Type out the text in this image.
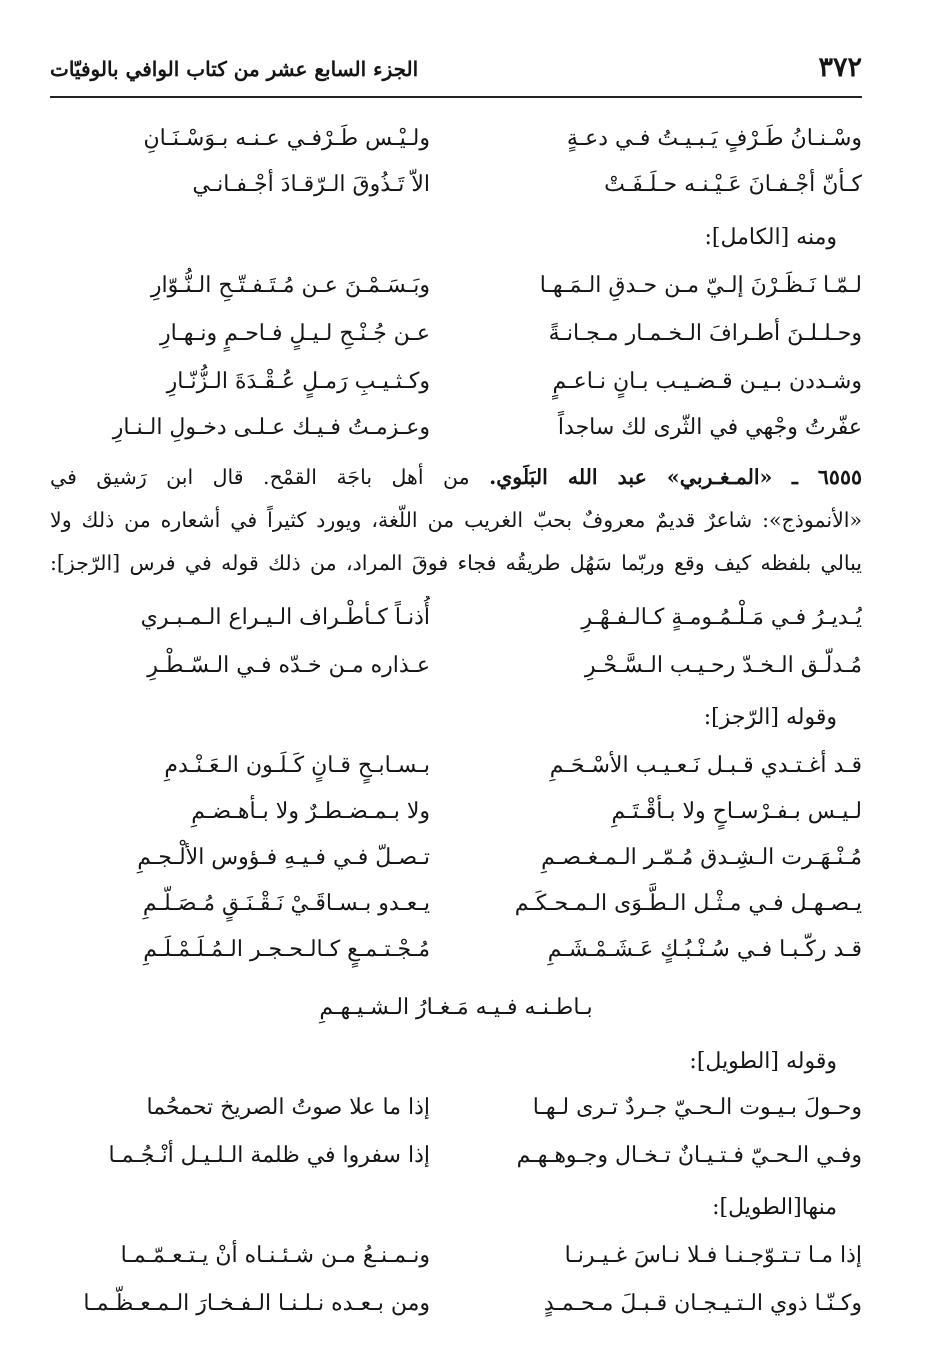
٣٧٢
الجزء السابع عشر من كتاب الوافي بالوفيّات
وسْـنـانُ طَـرْفٍ يَـبـيـتُ فـي دعـةٍ
ولـيْـس طَـرْفـي عـنـه بـوَسْـنَـانِ
كـأنّ أجْـفـانَ عَـيْـنـه حـلَـفَـتْ
الاّ تَـذُوقَ الـرّقـادَ أجْـفـانـي
ومنه [الكامل]:
لـمّـا نَـظَـرْنَ إلـيّ مـن حـدقِ الـمَـهـا
وبَـسَـمْـنَ عـن مُـتَـفـتّـحِ الـنُّـوّارِ
وحـلـلـنَ أطـرافَ الـخـمـار مـجـانـةً
عـن جُـنْـحِ لـيـلٍ فـاحـمٍ ونـهـارِ
وشـددن بـيـن قـضـيـب بـانٍ نـاعـمٍ
وكـثـيـبِ رَمـلٍ عُـقْـدَةَ الـزُّنّـارِ
عفّرتُ وجْهي في الثّرى لك ساجداً
وعـزمـتُ فـيـك عـلـى دخـولِ الـنـارِ
٦٥٥٥ ـ «المـغـربي» عبد الله البَلَوي. من أهل باجَة القمْح. قال ابن رَشيق في
«الأنموذج»: شاعرٌ قديمٌ معروفٌ بحبّ الغريب من اللّغة، ويورد كثيراً في أشعاره من ذلك ولا
يبالي بلفظه كيف وقع وربّما سَهُل طريقُه فجاء فوقَ المراد، من ذلك قوله في فرس [الرّجز]:
يُـديـرُ فـي مَـلْـمُـومـةٍ كـالـفـهْـرِ
أُذنـاً كـأطْـراف الـيـراع الـمـبـري
مُـدلّـق الـخـدّ رحـيـب الـسَّـحْـرِ
عـذاره مـن خـدّه فـي الـسّـطْـرِ
وقوله [الرّجز]:
قـد أغـتـدي قـبـل نَـعـيـب الأسْـحَـمِ
بـسـابـحٍ قـانٍ كَـلَـون الـعَـنْـدمِ
لـيـس بـفـرْسـاحٍ ولا بـأقْـتَـمِ
ولا بـمـضـطـرٌ ولا بـأهـضـمِ
مُـنْـهَـرت الـشِـدق مُـمّـر الـمـغـصـمِ
تـصـلّ فـي فـيـهِ فـؤوس الألْـجـمِ
يـصـهـل فـي مـثْـل الـطَّـوَى الـمـحـكَـم
يـعـدو بـسـاقَـيْ نَـقْـنَـقٍ مُـصَـلّـمِ
قـد ركّـبـا فـي سُـنْـبُـكٍ عَـشَـمْـشَـمِ
مُـجْـتـمـعٍ كـالـحـجـر الـمُـلَـمْـلَـمِ
بـاطـنـه فـيـه مَـغـارُ الـشـيـهـمِ
وقوله [الطويل]:
وحـولَ بـيـوت الـحـيّ جـردٌ تـرى لـهـا
إذا ما علا صوتُ الصريخ تحمحُما
وفـي الـحـيّ فـتـيـانٌ تـخـال وجـوهـهـم
إذا سفروا في ظلمة الـلـيـل أنْـجُـمـا
منها[الطويل]:
إذا مـا تـتـوّجـنـا فـلا نـاسَ غـيـرنـا
ونـمـنـعُ مـن شـئـنـاه أنْ يـتـعـمّـمـا
وكـنّـا ذوي الـتـيـجـان قـبـلَ مـحـمـدٍ
ومن بـعـده نـلـنـا الـفـخـارَ الـمـعـظّـمـا
